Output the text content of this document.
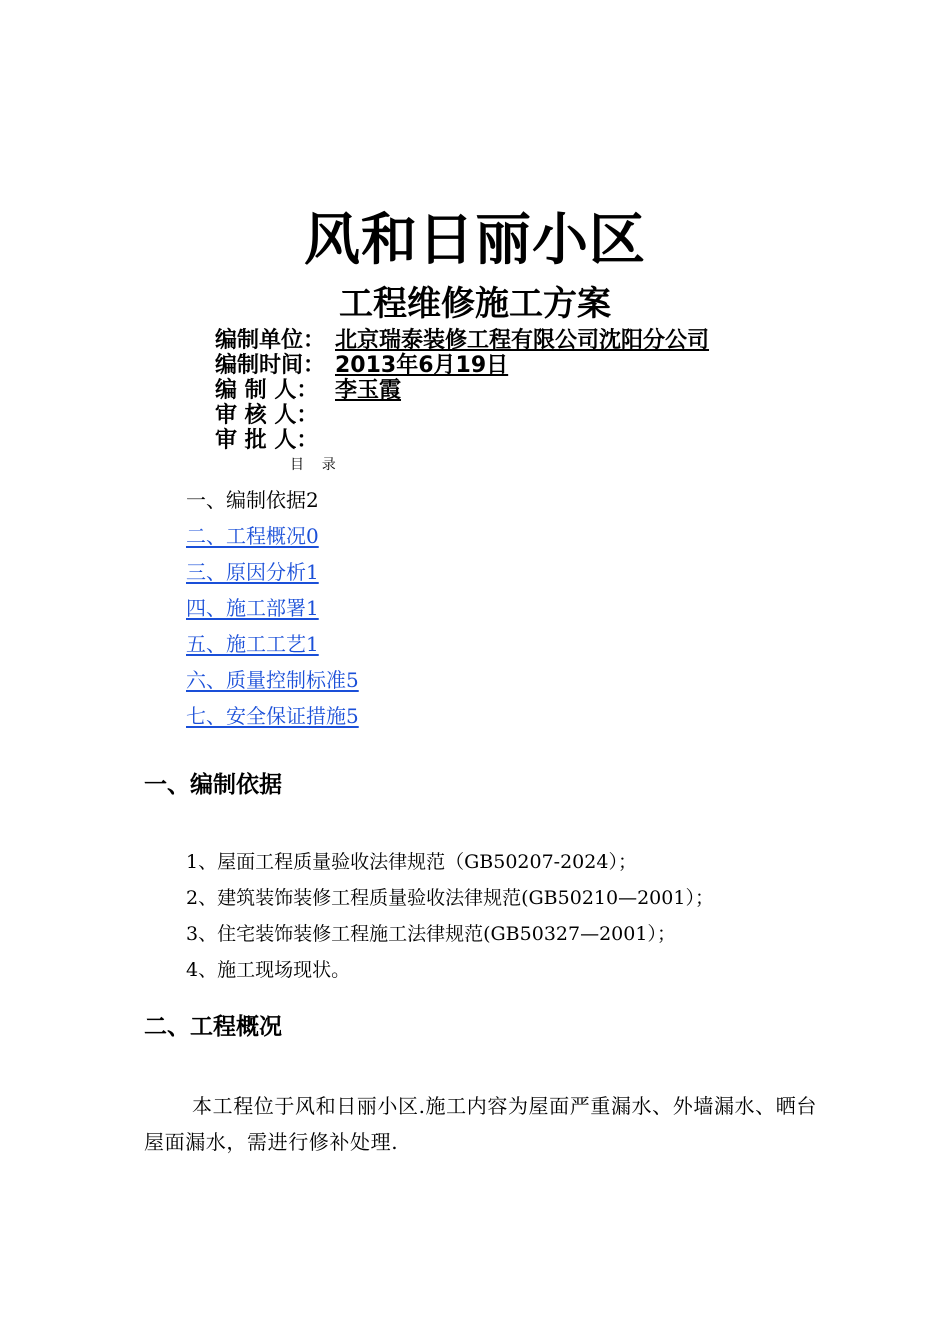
风和日丽小区
工程维修施工方案
编制单位： 北京瑞泰装修工程有限公司沈阳分公司
编制时间： 2013年6月19日
编 制 人： 李玉霞
审 核 人：
审 批 人：
目    录
一、编制依据2
二、工程概况0
三、原因分析1
四、施工部署1
五、施工工艺1
六、质量控制标准5
七、安全保证措施5
一、编制依据
1、屋面工程质量验收法律规范（GB50207-2024）；
2、建筑装饰装修工程质量验收法律规范(GB50210—2001）；
3、住宅装饰装修工程施工法律规范(GB50327—2001）；
4、施工现场现状。
二、工程概况
本工程位于风和日丽小区.施工内容为屋面严重漏水、外墙漏水、晒台屋面漏水，需进行修补处理.
